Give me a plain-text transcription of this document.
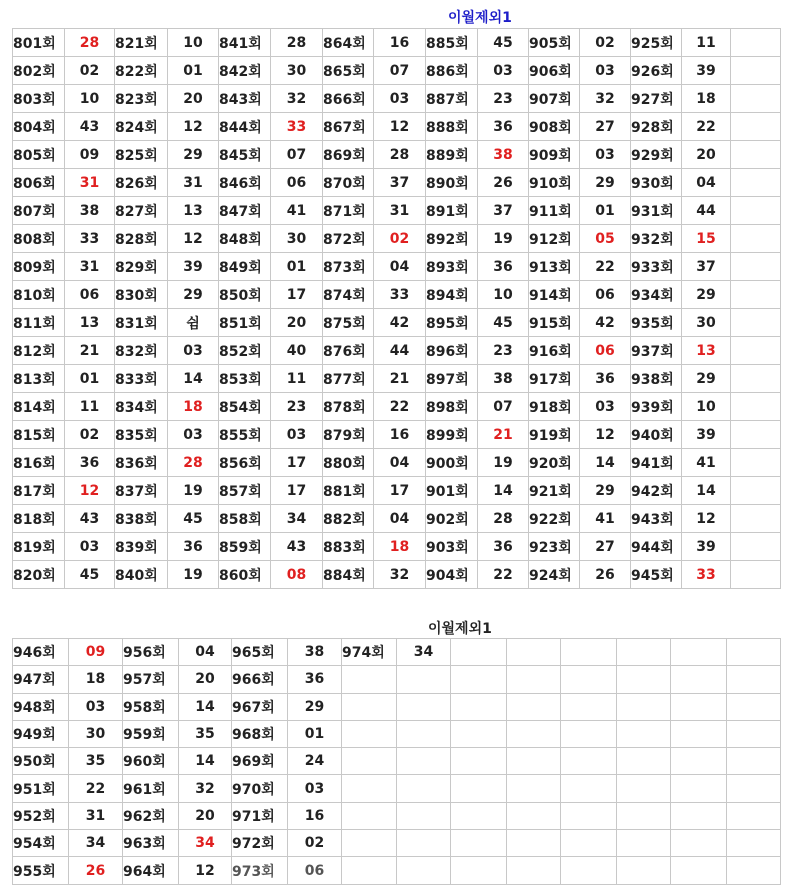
이월제외1
801회	28	821회	10	841회	28	864회	16	885회	45	905회	02	925회	11	
802회	02	822회	01	842회	30	865회	07	886회	03	906회	03	926회	39	
803회	10	823회	20	843회	32	866회	03	887회	23	907회	32	927회	18	
804회	43	824회	12	844회	33	867회	12	888회	36	908회	27	928회	22	
805회	09	825회	29	845회	07	869회	28	889회	38	909회	03	929회	20	
806회	31	826회	31	846회	06	870회	37	890회	26	910회	29	930회	04	
807회	38	827회	13	847회	41	871회	31	891회	37	911회	01	931회	44	
808회	33	828회	12	848회	30	872회	02	892회	19	912회	05	932회	15	
809회	31	829회	39	849회	01	873회	04	893회	36	913회	22	933회	37	
810회	06	830회	29	850회	17	874회	33	894회	10	914회	06	934회	29	
811회	13	831회	쉼	851회	20	875회	42	895회	45	915회	42	935회	30	
812회	21	832회	03	852회	40	876회	44	896회	23	916회	06	937회	13	
813회	01	833회	14	853회	11	877회	21	897회	38	917회	36	938회	29	
814회	11	834회	18	854회	23	878회	22	898회	07	918회	03	939회	10	
815회	02	835회	03	855회	03	879회	16	899회	21	919회	12	940회	39	
816회	36	836회	28	856회	17	880회	04	900회	19	920회	14	941회	41	
817회	12	837회	19	857회	17	881회	17	901회	14	921회	29	942회	14	
818회	43	838회	45	858회	34	882회	04	902회	28	922회	41	943회	12	
819회	03	839회	36	859회	43	883회	18	903회	36	923회	27	944회	39	
820회	45	840회	19	860회	08	884회	32	904회	22	924회	26	945회	33	
이월제외1
946회	09	956회	04	965회	38	974회	34						
947회	18	957회	20	966회	36								
948회	03	958회	14	967회	29								
949회	30	959회	35	968회	01								
950회	35	960회	14	969회	24								
951회	22	961회	32	970회	03								
952회	31	962회	20	971회	16								
954회	34	963회	34	972회	02								
955회	26	964회	12	973회	06								
